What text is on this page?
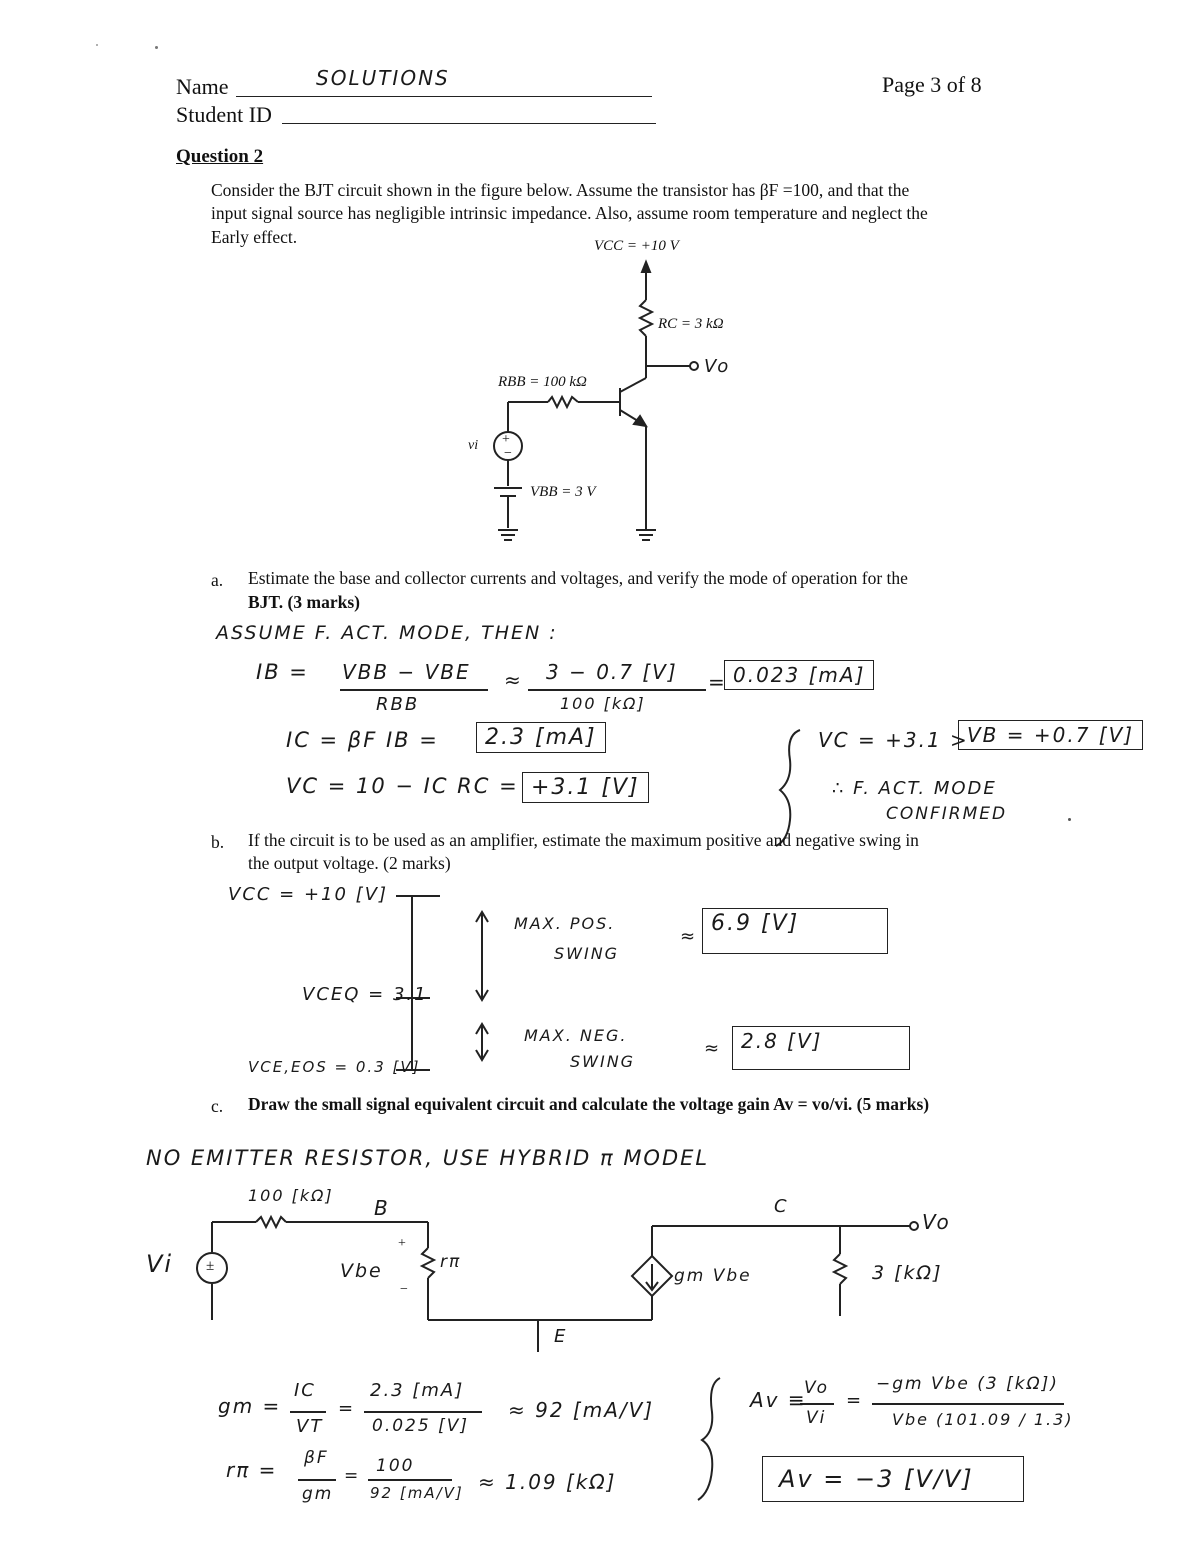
Name	SOLUTIONS
Student ID
Page 3 of 8
Question 2
Consider the BJT circuit shown in the figure below. Assume the transistor has βF =100, and that the
input signal source has negligible intrinsic impedance. Also, assume room temperature and neglect the
Early effect.	VCC = +10 V
RC = 3 kΩ
RBB = 100 kΩ
VBB = 3 V
vi
Vo
+
−
a. Estimate the base and collector currents and voltages, and verify the mode of operation for the
BJT. (3 marks)
ASSUME F. ACT. MODE, THEN :
IB = VBB − VBE
RBB
≈ 3 − 0.7 [V]
100 [kΩ]
= 0.023 [mA]
IC = βF IB =	2.3 [mA]
VC = 10 − IC RC = +3.1 [V]
VC = +3.1 >
VB = +0.7 [V]
∴ F. ACT. MODE
CONFIRMED
b. If the circuit is to be used as an amplifier, estimate the maximum positive and negative swing in
the output voltage. (2 marks)
VCC = +10 [V]
VCEQ = 3.1
VCE,EOS = 0.3 [V]
MAX. POS.
SWING
≈
6.9 [V]
MAX. NEG.
SWING
≈ 2.8 [V]
c. Draw the small signal equivalent circuit and calculate the voltage gain Av = vo/vi. (5 marks)
NO EMITTER RESISTOR, USE HYBRID π MODEL
100 [kΩ]
B	C
E
Vi ±	Vbe
+
−
rπ
gm Vbe	3 [kΩ]
Vo
gm =
IC
VT
=
2.3 [mA]
0.025 [V]
≈ 92 [mA/V]
rπ = βF
gm
= 100
92 [mA/V] ≈ 1.09 [kΩ]
Av ≡
Vo
Vi
=
−gm Vbe (3 [kΩ])
Vbe (101.09 / 1.3)
Av = −3 [V/V]
